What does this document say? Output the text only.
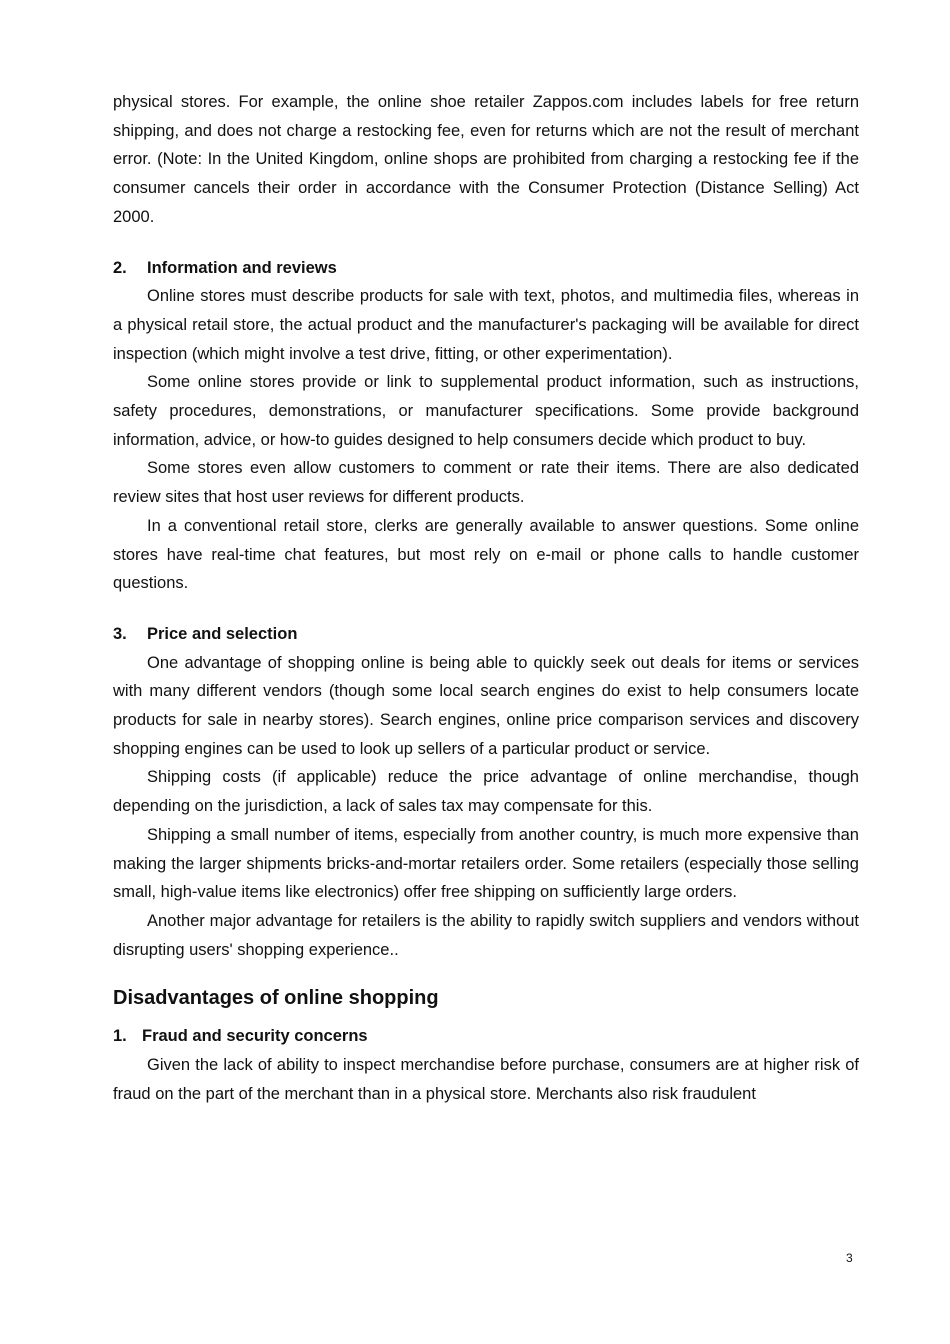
physical stores. For example, the online shoe retailer Zappos.com includes labels for free return shipping, and does not charge a restocking fee, even for returns which are not the result of merchant error. (Note: In the United Kingdom, online shops are prohibited from charging a restocking fee if the consumer cancels their order in accordance with the Consumer Protection (Distance Selling) Act 2000.

2. Information and reviews

Online stores must describe products for sale with text, photos, and multimedia files, whereas in a physical retail store, the actual product and the manufacturer's packaging will be available for direct inspection (which might involve a test drive, fitting, or other experimentation).

Some online stores provide or link to supplemental product information, such as instructions, safety procedures, demonstrations, or manufacturer specifications. Some provide background information, advice, or how-to guides designed to help consumers decide which product to buy.

Some stores even allow customers to comment or rate their items. There are also dedicated review sites that host user reviews for different products.

In a conventional retail store, clerks are generally available to answer questions. Some online stores have real-time chat features, but most rely on e-mail or phone calls to handle customer questions.

3. Price and selection

One advantage of shopping online is being able to quickly seek out deals for items or services with many different vendors (though some local search engines do exist to help consumers locate products for sale in nearby stores). Search engines, online price comparison services and discovery shopping engines can be used to look up sellers of a particular product or service.

Shipping costs (if applicable) reduce the price advantage of online merchandise, though depending on the jurisdiction, a lack of sales tax may compensate for this.

Shipping a small number of items, especially from another country, is much more expensive than making the larger shipments bricks-and-mortar retailers order. Some retailers (especially those selling small, high-value items like electronics) offer free shipping on sufficiently large orders.

Another major advantage for retailers is the ability to rapidly switch suppliers and vendors without disrupting users' shopping experience..

Disadvantages of online shopping
1. Fraud and security concerns

Given the lack of ability to inspect merchandise before purchase, consumers are at higher risk of fraud on the part of the merchant than in a physical store. Merchants also risk fraudulent

3
